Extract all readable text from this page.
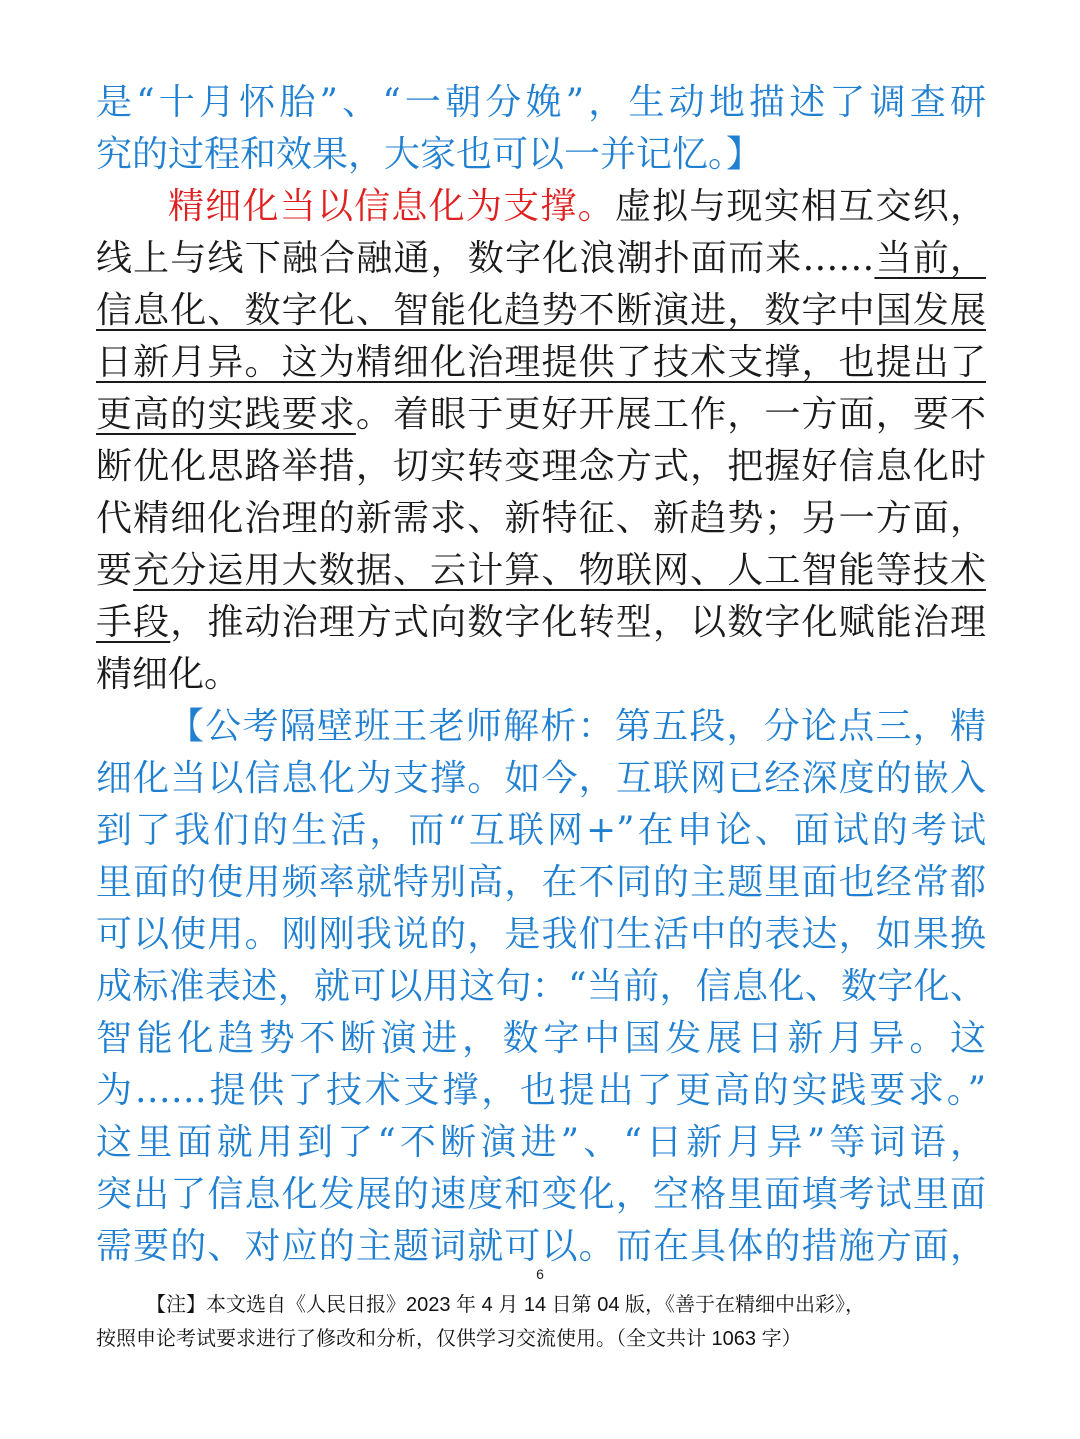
是“十月怀胎”、“一朝分娩”，生动地描述了调查研
究的过程和效果，大家也可以一并记忆。】
精细化当以信息化为支撑。虚拟与现实相互交织，
线上与线下融合融通，数字化浪潮扑面而来……当前，
信息化、数字化、智能化趋势不断演进，数字中国发展
日新月异。这为精细化治理提供了技术支撑，也提出了
更高的实践要求。着眼于更好开展工作，一方面，要不
断优化思路举措，切实转变理念方式，把握好信息化时
代精细化治理的新需求、新特征、新趋势；另一方面，
要充分运用大数据、云计算、物联网、人工智能等技术
手段，推动治理方式向数字化转型，以数字化赋能治理
精细化。
【公考隔壁班王老师解析：第五段，分论点三，精
细化当以信息化为支撑。如今，互联网已经深度的嵌入
到了我们的生活，而“互联网+”在申论、面试的考试
里面的使用频率就特别高，在不同的主题里面也经常都
可以使用。刚刚我说的，是我们生活中的表达，如果换
成标准表述，就可以用这句：“当前，信息化、数字化、
智能化趋势不断演进，数字中国发展日新月异。这
为……提供了技术支撑，也提出了更高的实践要求。”
这里面就用到了“不断演进”、“日新月异”等词语，
突出了信息化发展的速度和变化，空格里面填考试里面
需要的、对应的主题词就可以。而在具体的措施方面，
6
【注】本文选自《人民日报》2023 年 4 月 14 日第 04 版，《善于在精细中出彩》，
按照申论考试要求进行了修改和分析，仅供学习交流使用。（全文共计 1063 字）
